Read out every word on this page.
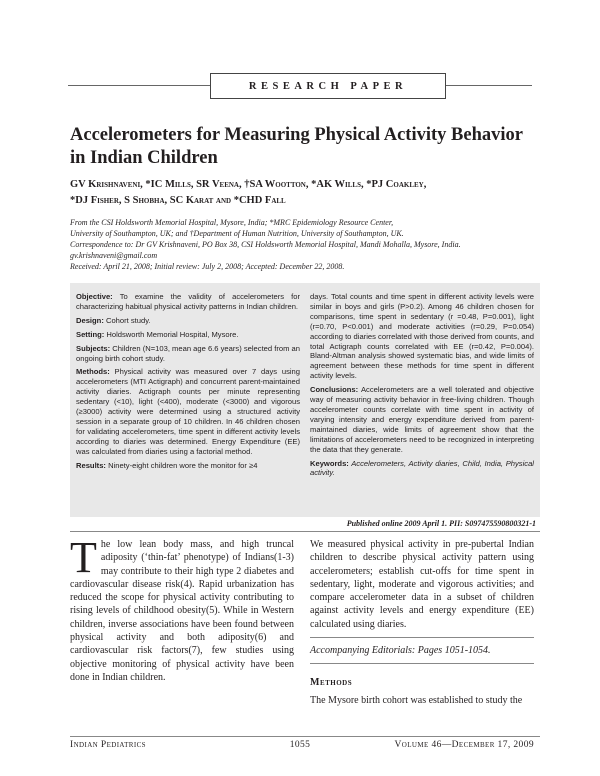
RESEARCH PAPER
Accelerometers for Measuring Physical Activity Behavior in Indian Children
GV Krishnaveni, *IC Mills, SR Veena, †SA Wootton, *AK Wills, *PJ Coakley,
*DJ Fisher, S Shobha, SC Karat and *CHD Fall
From the CSI Holdsworth Memorial Hospital, Mysore, India; *MRC Epidemiology Resource Center,
University of Southampton, UK; and †Department of Human Nutrition, University of Southampton, UK.
Correspondence to: Dr GV Krishnaveni, PO Box 38, CSI Holdsworth Memorial Hospital, Mandi Mohalla, Mysore, India.
gv.krishnaveni@gmail.com
Received: April 21, 2008; Initial review: July 2, 2008; Accepted: December 22, 2008.

Objective: To examine the validity of accelerometers for characterizing habitual physical activity patterns in Indian children.

Design: Cohort study.

Setting: Holdsworth Memorial Hospital, Mysore.

Subjects: Children (N=103, mean age 6.6 years) selected from an ongoing birth cohort study.

Methods: Physical activity was measured over 7 days using accelerometers (MTI Actigraph) and concurrent parent-maintained activity diaries. Actigraph counts per minute representing sedentary (<10), light (<400), moderate (<3000) and vigorous (≥3000) activity were determined using a structured activity session in a separate group of 10 children. In 46 children chosen for validating accelerometers, time spent in different activity levels according to diaries was determined. Energy Expenditure (EE) was calculated from diaries using a factorial method.

Results: Ninety-eight children wore the monitor for ≥4

days. Total counts and time spent in different activity levels were similar in boys and girls (P>0.2). Among 46 children chosen for comparisons, time spent in sedentary (r =0.48, P=0.001), light (r=0.70, P<0.001) and moderate activities (r=0.29, P=0.054) according to diaries correlated with those derived from counts, and total Actigraph counts correlated with EE (r=0.42, P=0.004). Bland-Altman analysis showed systematic bias, and wide limits of agreement between these methods for time spent in different activity levels.

Conclusions: Accelerometers are a well tolerated and objective way of measuring activity behavior in free-living children. Though accelerometer counts correlate with time spent in activity of varying intensity and energy expenditure derived from parent-maintained diaries, wide limits of agreement show that the limitations of accelerometers need to be recognized in interpreting the data that they generate.

Keywords: Accelerometers, Activity diaries, Child, India, Physical activity.

Published online 2009 April 1. PII: S097475590800321-1

The low lean body mass, and high truncal adiposity (‘thin-fat’ phenotype) of Indians(1-3) may contribute to their high type 2 diabetes and cardiovascular disease risk(4). Rapid urbanization has reduced the scope for physical activity contributing to rising levels of childhood obesity(5). While in Western children, inverse associations have been found between physical activity and both adiposity(6) and cardiovascular risk factors(7), few studies using objective monitoring of physical activity have been done in Indian children.

We measured physical activity in pre-pubertal Indian children to describe physical activity pattern using accelerometers; establish cut-offs for time spent in sedentary, light, moderate and vigorous activities; and compare accelerometer data in a subset of children against activity levels and energy expenditure (EE) calculated using diaries.

Accompanying Editorials: Pages 1051-1054.

Methods

The Mysore birth cohort was established to study the

Indian Pediatrics	1055	Volume 46—December 17, 2009
